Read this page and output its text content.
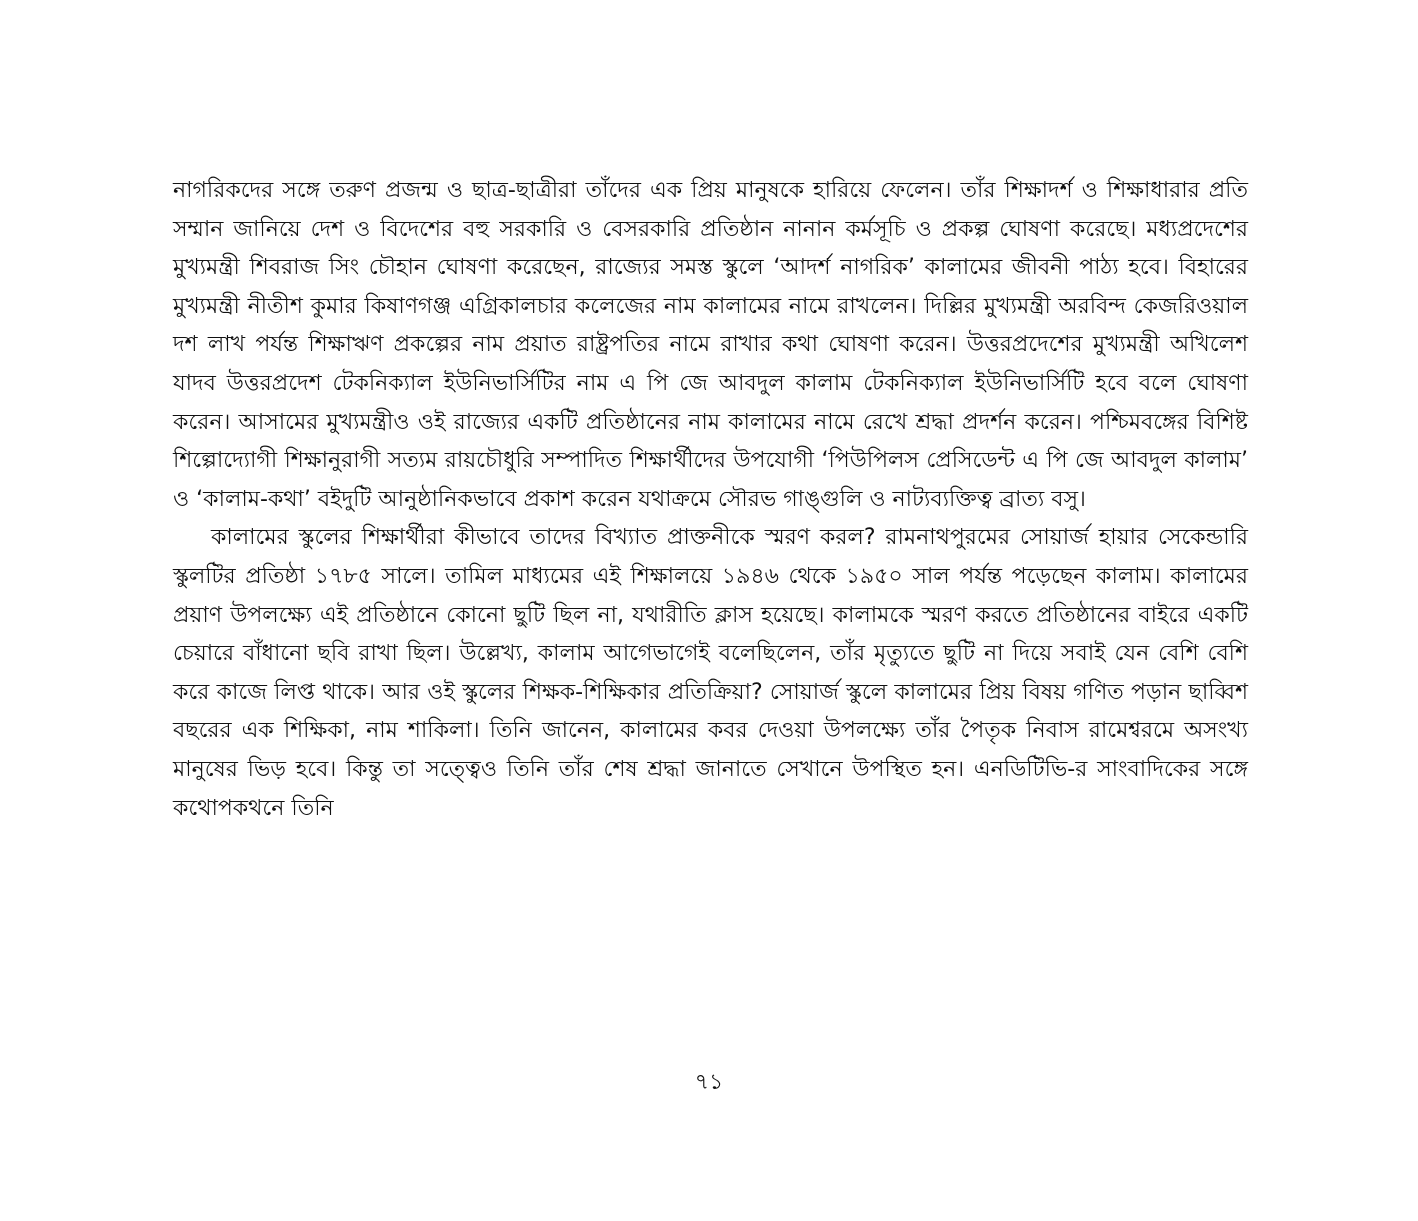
নাগরিকদের সঙ্গে তরুণ প্রজন্ম ও ছাত্র-ছাত্রীরা তাঁদের এক প্রিয় মানুষকে হারিয়ে ফেলেন। তাঁর শিক্ষাদর্শ ও শিক্ষাধারার প্রতি সম্মান জানিয়ে দেশ ও বিদেশের বহু সরকারি ও বেসরকারি প্রতিষ্ঠান নানান কর্মসূচি ও প্রকল্প ঘোষণা করেছে। মধ্যপ্রদেশের মুখ্যমন্ত্রী শিবরাজ সিং চৌহান ঘোষণা করেছেন, রাজ্যের সমস্ত স্কুলে ‘আদর্শ নাগরিক’ কালামের জীবনী পাঠ্য হবে। বিহারের মুখ্যমন্ত্রী নীতীশ কুমার কিষাণগঞ্জ এগ্রিকালচার কলেজের নাম কালামের নামে রাখলেন। দিল্লির মুখ্যমন্ত্রী অরবিন্দ কেজরিওয়াল দশ লাখ পর্যন্ত শিক্ষাঋণ প্রকল্পের নাম প্রয়াত রাষ্ট্রপতির নামে রাখার কথা ঘোষণা করেন। উত্তরপ্রদেশের মুখ্যমন্ত্রী অখিলেশ যাদব উত্তরপ্রদেশ টেকনিক্যাল ইউনিভার্সিটির নাম এ পি জে আবদুল কালাম টেকনিক্যাল ইউনিভার্সিটি হবে বলে ঘোষণা করেন। আসামের মুখ্যমন্ত্রীও ওই রাজ্যের একটি প্রতিষ্ঠানের নাম কালামের নামে রেখে শ্রদ্ধা প্রদর্শন করেন। পশ্চিমবঙ্গের বিশিষ্ট শিল্পোদ্যোগী শিক্ষানুরাগী সত্যম রায়চৌধুরি সম্পাদিত শিক্ষার্থীদের উপযোগী ‘পিউপিলস প্রেসিডেন্ট এ পি জে আবদুল কালাম’ ও ‘কালাম-কথা’ বইদুটি আনুষ্ঠানিকভাবে প্রকাশ করেন যথাক্রমে সৌরভ গাঙ্গুলি ও নাট্যব্যক্তিত্ব ব্রাত্য বসু।

কালামের স্কুলের শিক্ষার্থীরা কীভাবে তাদের বিখ্যাত প্রাক্তনীকে স্মরণ করল? রামনাথপুরমের সোয়ার্জ হায়ার সেকেন্ডারি স্কুলটির প্রতিষ্ঠা ১৭৮৫ সালে। তামিল মাধ্যমের এই শিক্ষালয়ে ১৯৪৬ থেকে ১৯৫০ সাল পর্যন্ত পড়েছেন কালাম। কালামের প্রয়াণ উপলক্ষ্যে এই প্রতিষ্ঠানে কোনো ছুটি ছিল না, যথারীতি ক্লাস হয়েছে। কালামকে স্মরণ করতে প্রতিষ্ঠানের বাইরে একটি চেয়ারে বাঁধানো ছবি রাখা ছিল। উল্লেখ্য, কালাম আগেভাগেই বলেছিলেন, তাঁর মৃত্যুতে ছুটি না দিয়ে সবাই যেন বেশি বেশি করে কাজে লিপ্ত থাকে। আর ওই স্কুলের শিক্ষক-শিক্ষিকার প্রতিক্রিয়া? সোয়ার্জ স্কুলে কালামের প্রিয় বিষয় গণিত পড়ান ছাব্বিশ বছরের এক শিক্ষিকা, নাম শাকিলা। তিনি জানেন, কালামের কবর দেওয়া উপলক্ষ্যে তাঁর পৈতৃক নিবাস রামেশ্বরমে অসংখ্য মানুষের ভিড় হবে। কিন্তু তা সত্ত্বেও তিনি তাঁর শেষ শ্রদ্ধা জানাতে সেখানে উপস্থিত হন। এনডিটিভি-র সাংবাদিকের সঙ্গে কথোপকথনে তিনি

৭১
